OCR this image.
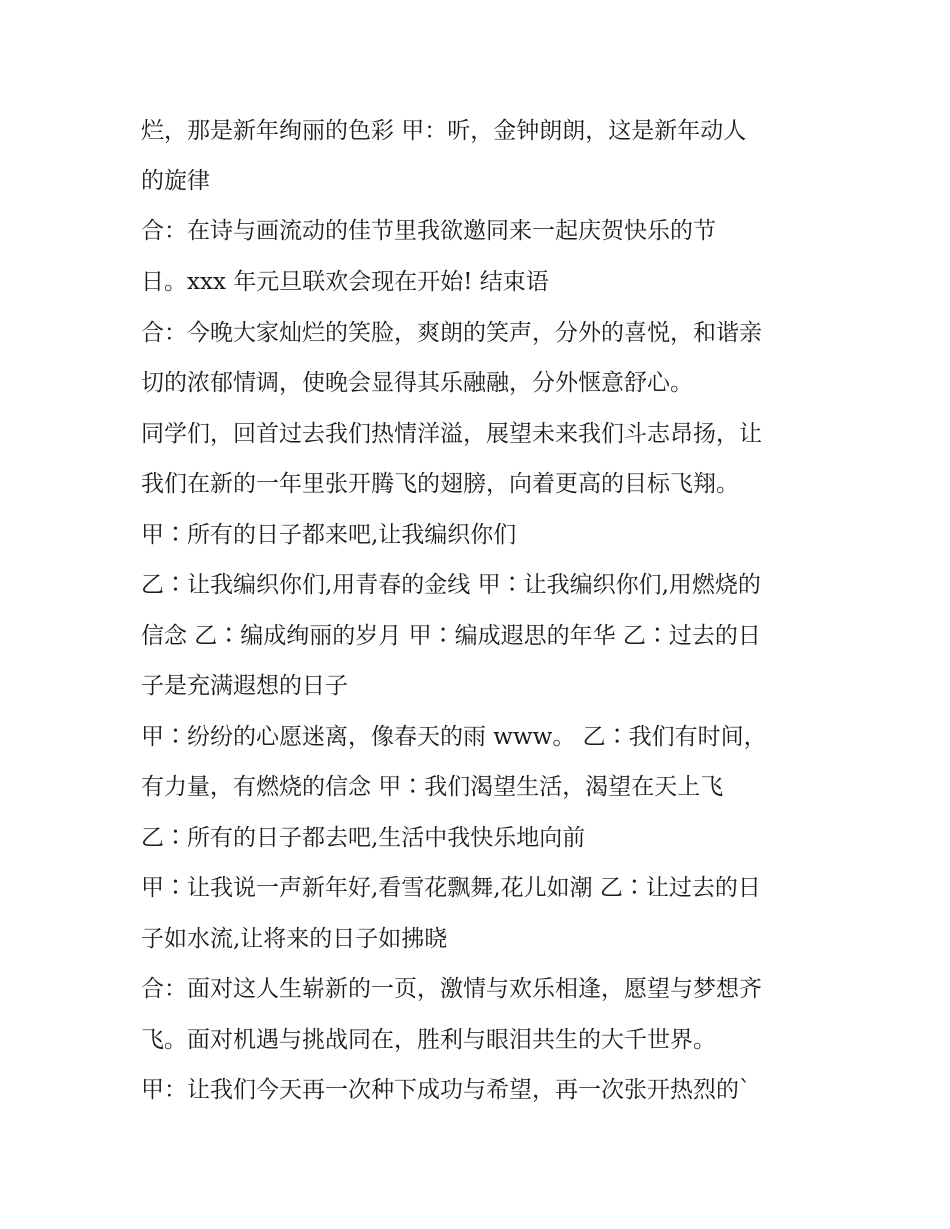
烂，那是新年绚丽的色彩 甲：听，金钟朗朗，这是新年动人
的旋律
合：在诗与画流动的佳节里我欲邀同来一起庆贺快乐的节
日。xxx 年元旦联欢会现在开始! 结束语
合：今晚大家灿烂的笑脸，爽朗的笑声，分外的喜悦，和谐亲
切的浓郁情调，使晚会显得其乐融融，分外惬意舒心。
同学们，回首过去我们热情洋溢，展望未来我们斗志昂扬，让
我们在新的一年里张开腾飞的翅膀，向着更高的目标飞翔。
甲∶所有的日子都来吧,让我编织你们
乙∶让我编织你们,用青春的金线 甲∶让我编织你们,用燃烧的
信念 乙∶编成绚丽的岁月 甲∶编成遐思的年华 乙∶过去的日
子是充满遐想的日子
甲∶纷纷的心愿迷离，像春天的雨 www。 乙∶我们有时间，
有力量，有燃烧的信念 甲∶我们渴望生活，渴望在天上飞
乙∶所有的日子都去吧,生活中我快乐地向前
甲∶让我说一声新年好,看雪花飘舞,花儿如潮 乙∶让过去的日
子如水流,让将来的日子如拂晓
合：面对这人生崭新的一页，激情与欢乐相逢，愿望与梦想齐
飞。面对机遇与挑战同在，胜利与眼泪共生的大千世界。
甲：让我们今天再一次种下成功与希望，再一次张开热烈的`
